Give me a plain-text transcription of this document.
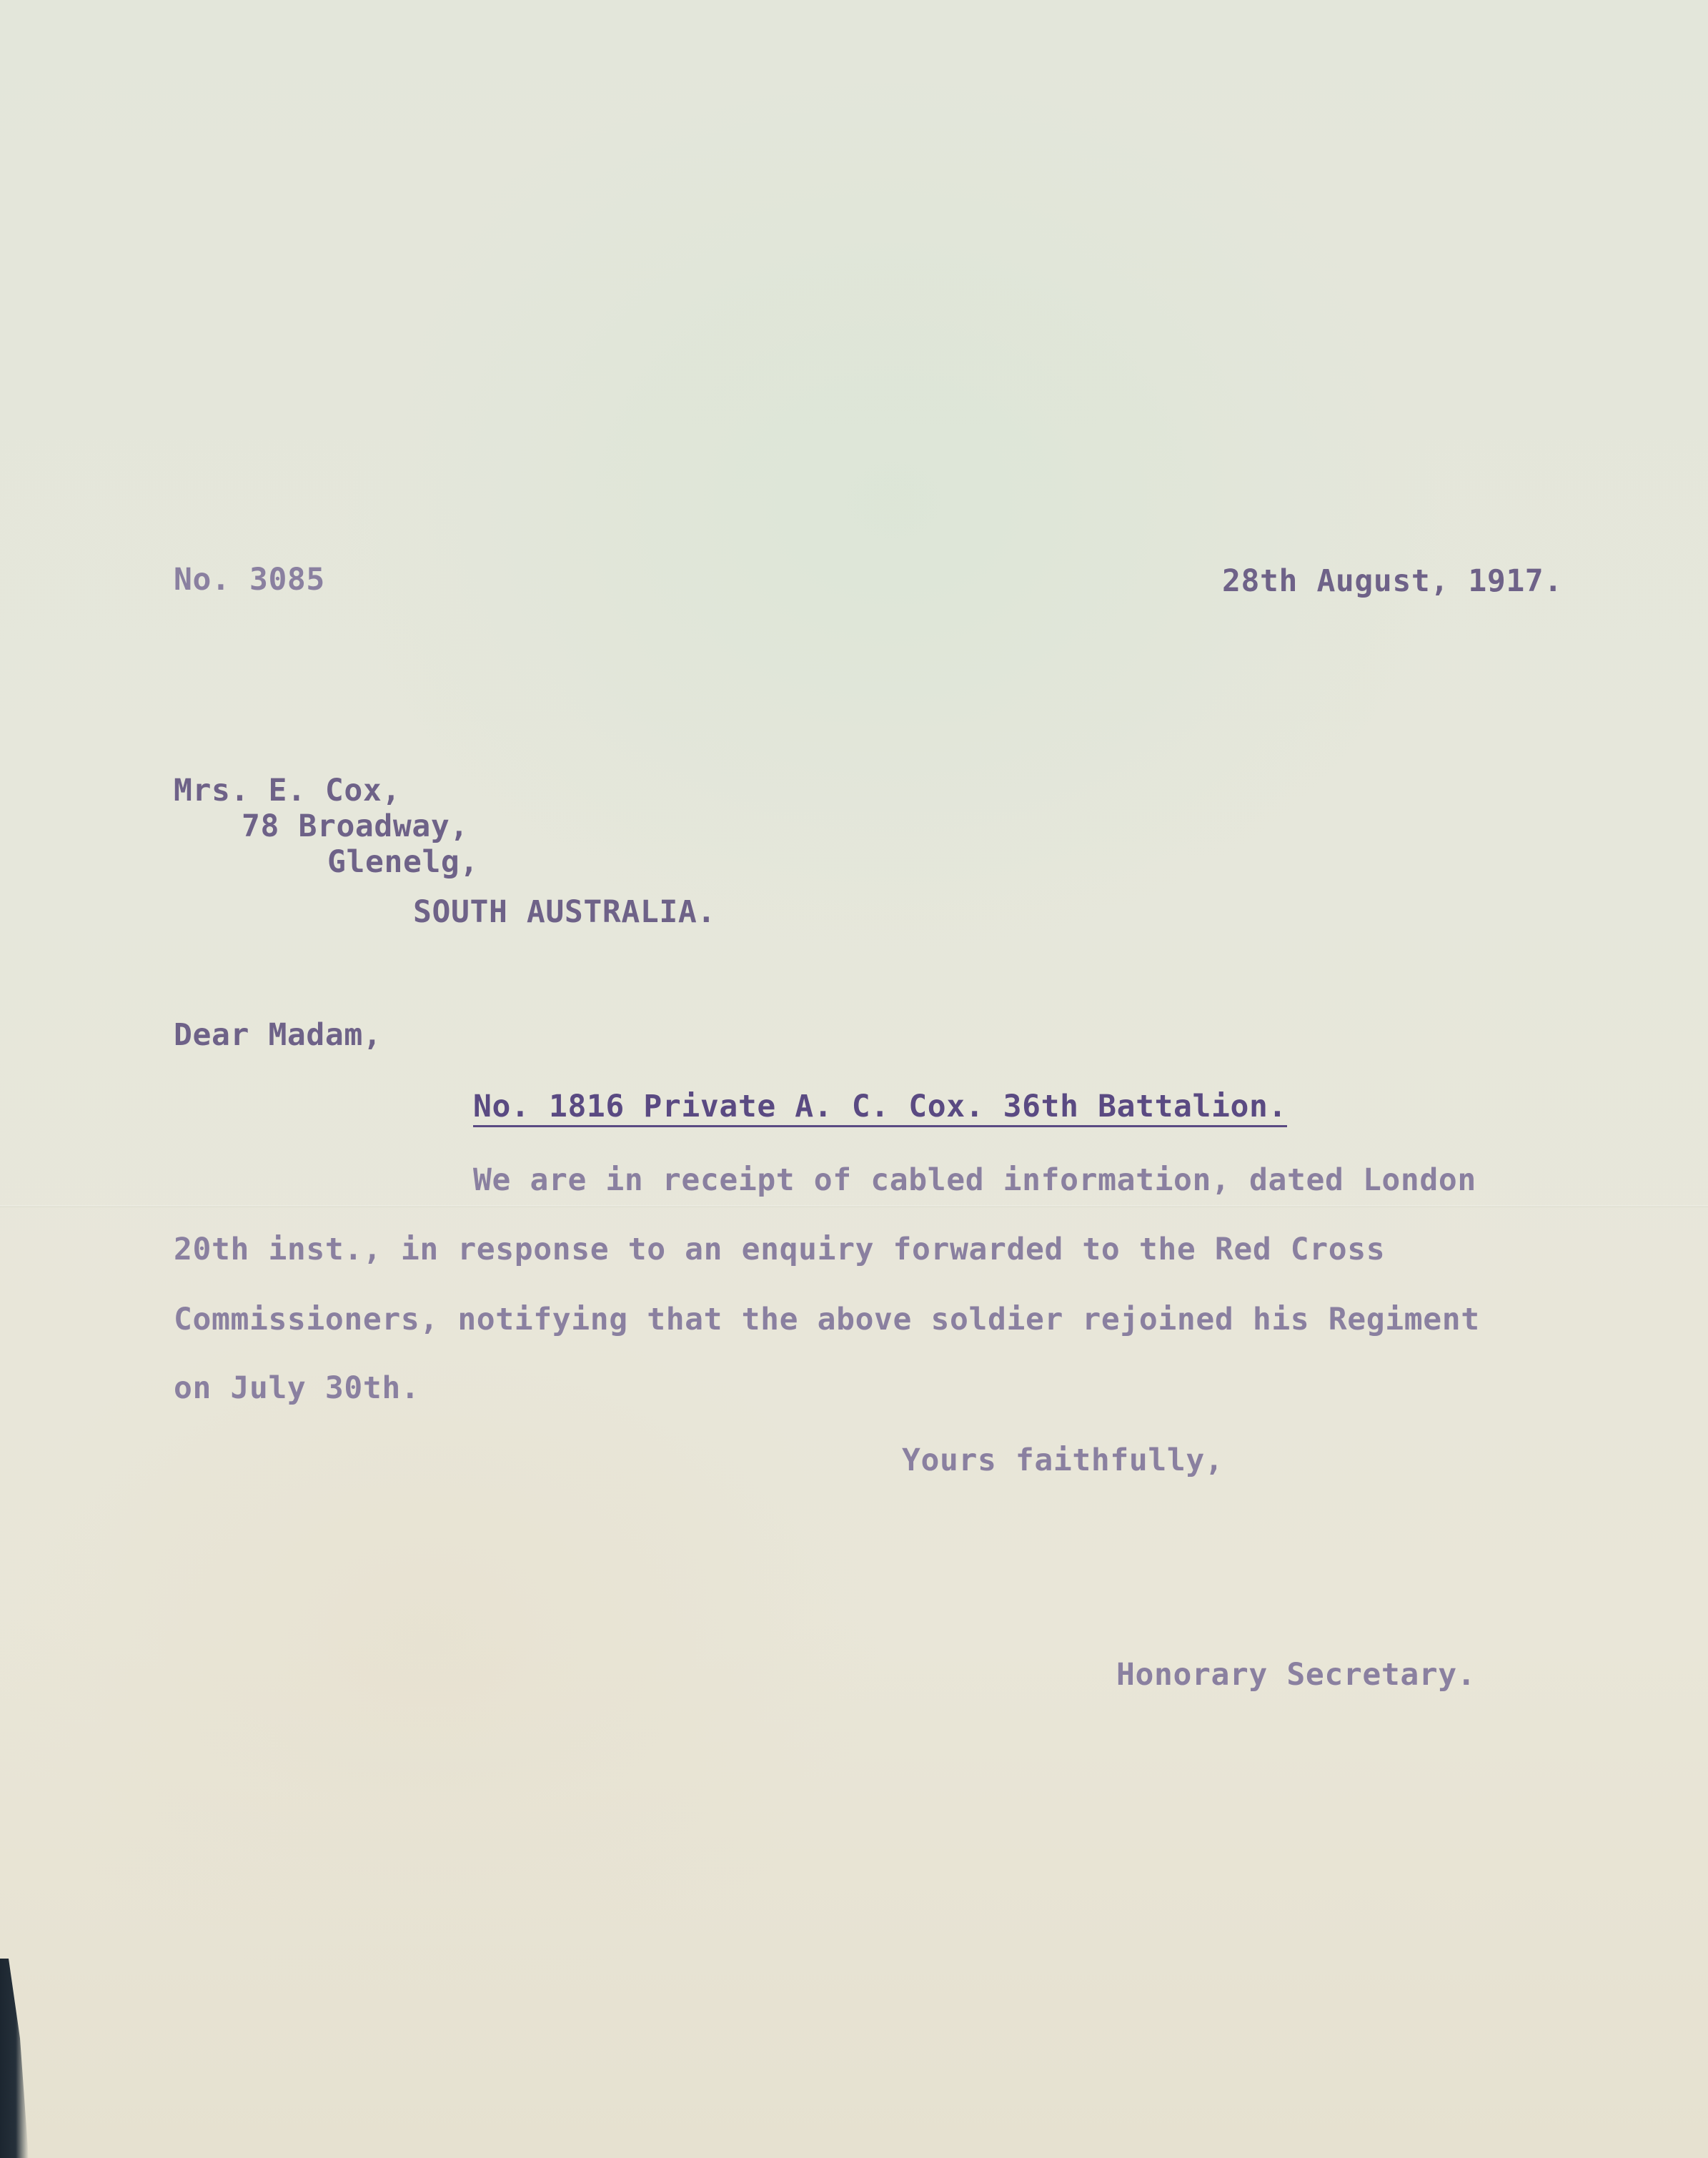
No. 3085	28th August, 1917.

Mrs. E. Cox,

78 Broadway,

Glenelg,

SOUTH AUSTRALIA.

Dear Madam,

No. 1816 Private A. C. Cox. 36th Battalion.

We are in receipt of cabled information, dated London

20th inst., in response to an enquiry forwarded to the Red Cross

Commissioners, notifying that the above soldier rejoined his Regiment

on July 30th.

Yours faithfully,

Honorary Secretary.
